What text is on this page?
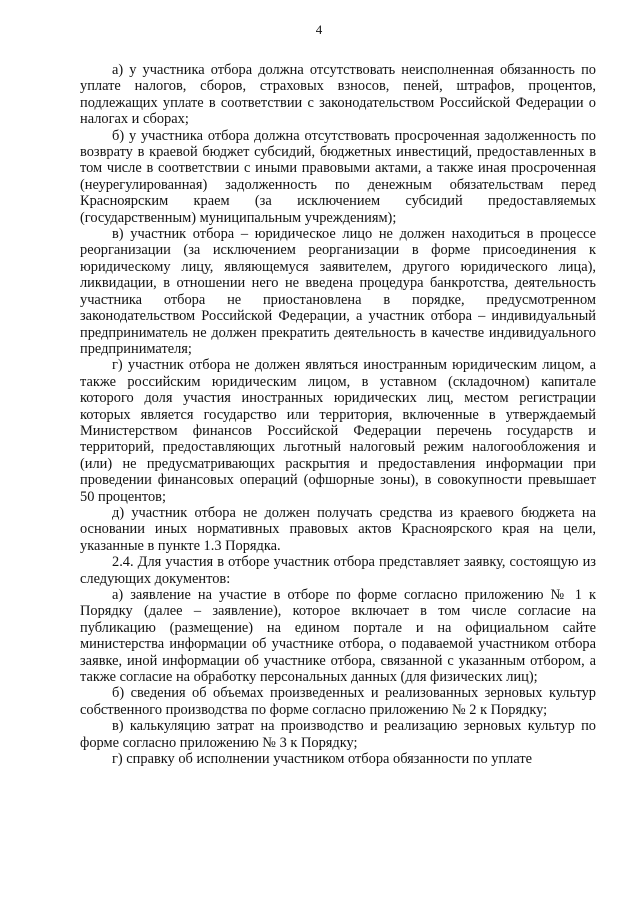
4

а) у участника отбора должна отсутствовать неисполненная обязанность по уплате налогов, сборов, страховых взносов, пеней, штрафов, процентов, подлежащих уплате в соответствии с законодательством Российской Федерации о налогах и сборах;

б) у участника отбора должна отсутствовать просроченная задолженность по возврату в краевой бюджет субсидий, бюджетных инвестиций, предоставленных в том числе в соответствии с иными правовыми актами, а также иная просроченная (неурегулированная) задолженность по денежным обязательствам перед Красноярским краем (за исключением субсидий предоставляемых (государственным) муниципальным учреждениям);

в) участник отбора – юридическое лицо не должен находиться в процессе реорганизации (за исключением реорганизации в форме присоединения к юридическому лицу, являющемуся заявителем, другого юридического лица), ликвидации, в отношении него не введена процедура банкротства, деятельность участника отбора не приостановлена в порядке, предусмотренном законодательством Российской Федерации, а участник отбора – индивидуальный предприниматель не должен прекратить деятельность в качестве индивидуального предпринимателя;

г) участник отбора не должен являться иностранным юридическим лицом, а также российским юридическим лицом, в уставном (складочном) капитале которого доля участия иностранных юридических лиц, местом регистрации которых является государство или территория, включенные в утверждаемый Министерством финансов Российской Федерации перечень государств и территорий, предоставляющих льготный налоговый режим налогообложения и (или) не предусматривающих раскрытия и предоставления информации при проведении финансовых операций (офшорные зоны), в совокупности превышает 50 процентов;

д) участник отбора не должен получать средства из краевого бюджета на основании иных нормативных правовых актов Красноярского края на цели, указанные в пункте 1.3 Порядка.

2.4. Для участия в отборе участник отбора представляет заявку, состоящую из следующих документов:

а) заявление на участие в отборе по форме согласно приложению № 1 к Порядку (далее – заявление), которое включает в том числе согласие на публикацию (размещение) на едином портале и на официальном сайте министерства информации об участнике отбора, о подаваемой участником отбора заявке, иной информации об участнике отбора, связанной с указанным отбором, а также согласие на обработку персональных данных (для физических лиц);

б) сведения об объемах произведенных и реализованных зерновых культур собственного производства по форме согласно приложению № 2 к Порядку;

в) калькуляцию затрат на производство и реализацию зерновых культур по форме согласно приложению № 3 к Порядку;

г) справку об исполнении участником отбора обязанности по уплате
